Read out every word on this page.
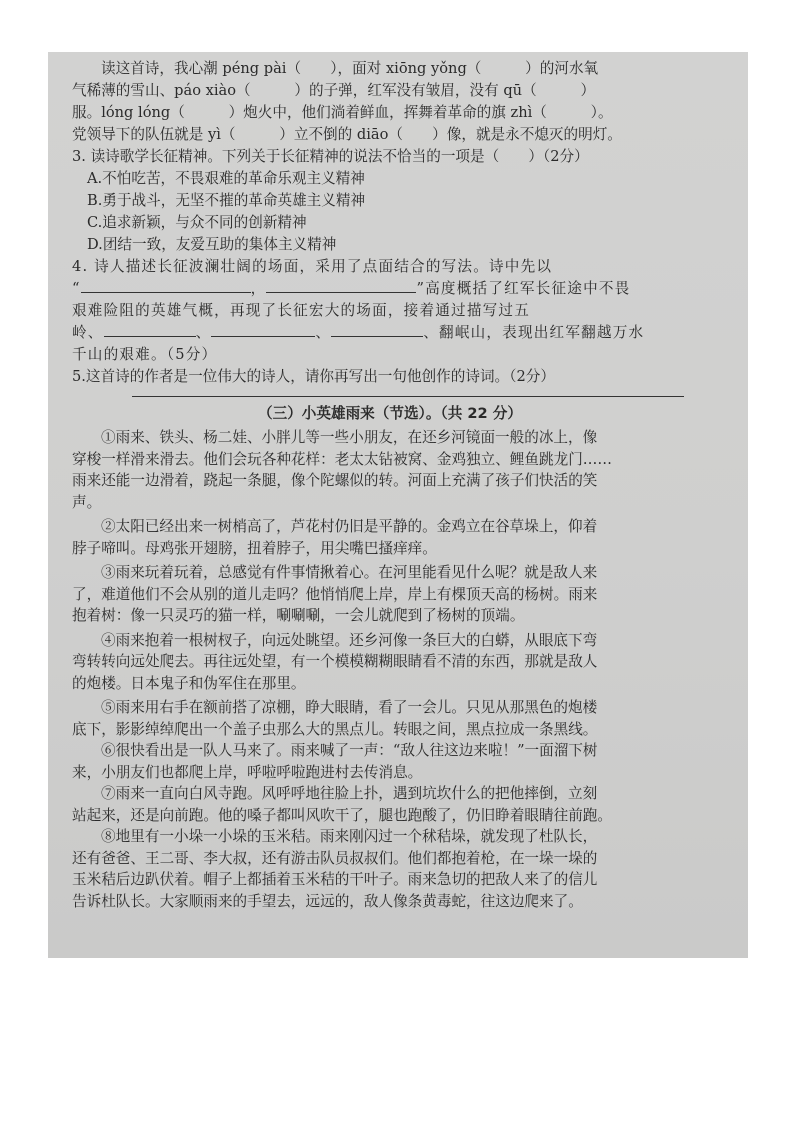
读这首诗，我心潮 péng pài（　　），面对 xiōng yǒng（　　　）的河水氧
气稀薄的雪山、páo xiào（　　　）的子弹，红军没有皱眉，没有 qū（　　　）
服。lóng lóng（　　　）炮火中，他们淌着鲜血，挥舞着革命的旗 zhì（　　　）。
党领导下的队伍就是 yì（　　　）立不倒的 diāo（　　）像，就是永不熄灭的明灯。
3. 读诗歌学长征精神。下列关于长征精神的说法不恰当的一项是（　　）（2分）
A.不怕吃苦，不畏艰难的革命乐观主义精神
B.勇于战斗，无坚不摧的革命英雄主义精神
C.追求新颖，与众不同的创新精神
D.团结一致，友爱互助的集体主义精神
4. 诗人描述长征波澜壮阔的场面，采用了点面结合的写法。诗中先以
“	，	”高度概括了红军长征途中不畏
艰难险阻的英雄气概，再现了长征宏大的场面，接着通过描写过五
岭、	、	、	、翻岷山，表现出红军翻越万水
千山的艰难。（5分）
5.这首诗的作者是一位伟大的诗人，请你再写出一句他创作的诗词。（2分）
（三）小英雄雨来（节选）。（共 22 分）
①雨来、铁头、杨二娃、小胖儿等一些小朋友，在还乡河镜面一般的冰上，像
穿梭一样滑来滑去。他们会玩各种花样：老太太钻被窝、金鸡独立、鲤鱼跳龙门……
雨来还能一边滑着，跷起一条腿，像个陀螺似的转。河面上充满了孩子们快活的笑
声。
②太阳已经出来一树梢高了，芦花村仍旧是平静的。金鸡立在谷草垛上，仰着
脖子啼叫。母鸡张开翅膀，扭着脖子，用尖嘴巴搔痒痒。
③雨来玩着玩着，总感觉有件事情揪着心。在河里能看见什么呢？就是敌人来
了，难道他们不会从别的道儿走吗？他悄悄爬上岸，岸上有棵顶天高的杨树。雨来
抱着树：像一只灵巧的猫一样，唰唰唰，一会儿就爬到了杨树的顶端。
④雨来抱着一根树杈子，向远处眺望。还乡河像一条巨大的白蟒，从眼底下弯
弯转转向远处爬去。再往远处望，有一个模模糊糊眼睛看不清的东西，那就是敌人
的炮楼。日本鬼子和伪军住在那里。
⑤雨来用右手在额前搭了凉棚，睁大眼睛，看了一会儿。只见从那黑色的炮楼
底下，影影绰绰爬出一个盖子虫那么大的黑点儿。转眼之间，黑点拉成一条黑线。
⑥很快看出是一队人马来了。雨来喊了一声：“敌人往这边来啦！”一面溜下树
来，小朋友们也都爬上岸，呼啦呼啦跑进村去传消息。
⑦雨来一直向白风寺跑。风呼呼地往脸上扑，遇到坑坎什么的把他摔倒，立刻
站起来，还是向前跑。他的嗓子都叫风吹干了，腿也跑酸了，仍旧睁着眼睛往前跑。
⑧地里有一小垛一小垛的玉米秸。雨来刚闪过一个秫秸垛，就发现了杜队长，
还有爸爸、王二哥、李大叔，还有游击队员叔叔们。他们都抱着枪，在一垛一垛的
玉米秸后边趴伏着。帽子上都插着玉米秸的干叶子。雨来急切的把敌人来了的信儿
告诉杜队长。大家顺雨来的手望去，远远的，敌人像条黄毒蛇，往这边爬来了。
